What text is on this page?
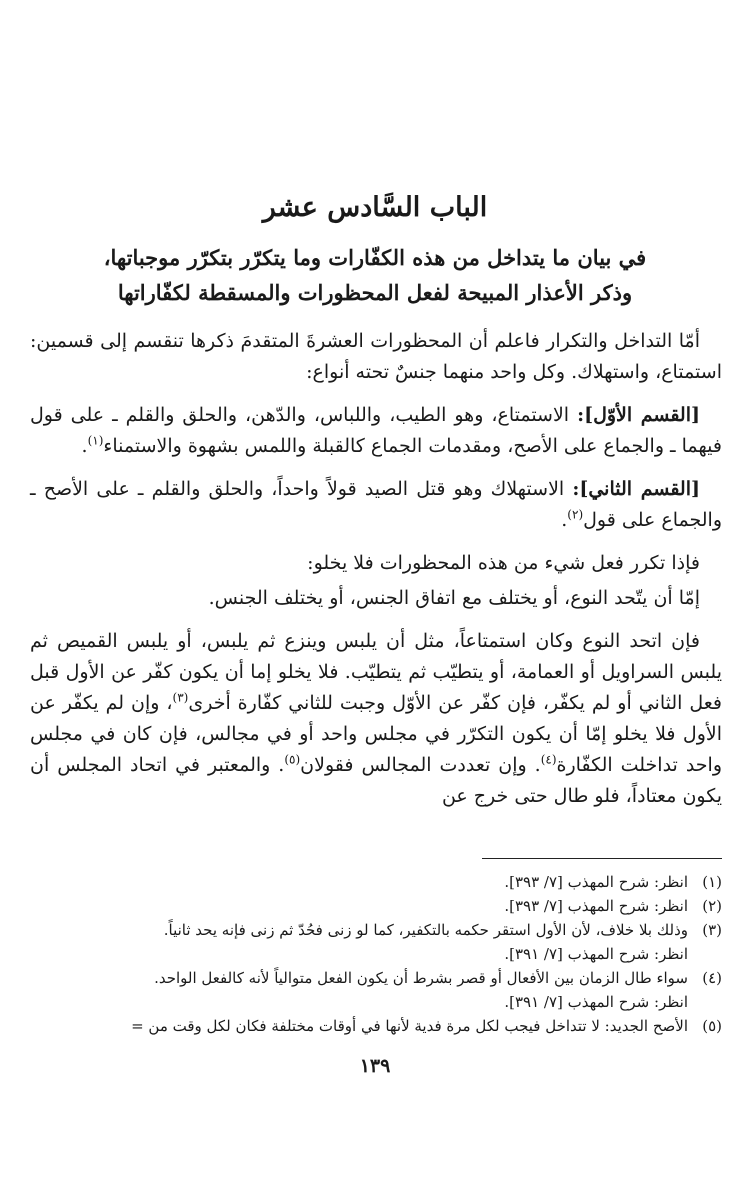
الباب السَّادس عشر
في بيان ما يتداخل من هذه الكفّارات وما يتكرّر بتكرّر موجباتها،
وذكر الأعذار المبيحة لفعل المحظورات والمسقطة لكفّاراتها

أمّا التداخل والتكرار فاعلم أن المحظورات العشرةَ المتقدمَ ذكرها تنقسم إلى قسمين: استمتاع، واستهلاك. وكل واحد منهما جنسٌ تحته أنواع:

[القسم الأوّل]: الاستمتاع، وهو الطيب، واللباس، والدّهن، والحلق والقلم ـ على قول فيهما ـ والجماع على الأصح، ومقدمات الجماع كالقبلة واللمس بشهوة والاستمناء$^{(١)}$.

[القسم الثاني]: الاستهلاك وهو قتل الصيد قولاً واحداً، والحلق والقلم ـ على الأصح ـ والجماع على قول$^{(٢)}$.

فإذا تكرر فعل شيء من هذه المحظورات فلا يخلو:

إمّا أن يتّحد النوع، أو يختلف مع اتفاق الجنس، أو يختلف الجنس.

فإن اتحد النوع وكان استمتاعاً، مثل أن يلبس وينزع ثم يلبس، أو يلبس القميص ثم يلبس السراويل أو العمامة، أو يتطيّب ثم يتطيّب. فلا يخلو إما أن يكون كفّر عن الأول قبل فعل الثاني أو لم يكفّر، فإن كفّر عن الأوّل وجبت للثاني كفّارة أخرى$^{(٣)}$، وإن لم يكفّر عن الأول فلا يخلو إمّا أن يكون التكرّر في مجلس واحد أو في مجالس، فإن كان في مجلس واحد تداخلت الكفّارة$^{(٤)}$. وإن تعددت المجالس فقولان$^{(٥)}$. والمعتبر في اتحاد المجلس أن يكون معتاداً، فلو طال حتى خرج عن

(١)
انظر: شرح المهذب [٧/ ٣٩٣].
(٢)
انظر: شرح المهذب [٧/ ٣٩٣].
(٣)
وذلك بلا خلاف، لأن الأول استقر حكمه بالتكفير، كما لو زنى فحُدّ ثم زنى فإنه يحد ثانياً.
انظر: شرح المهذب [٧/ ٣٩١].
(٤)
سواء طال الزمان بين الأفعال أو قصر بشرط أن يكون الفعل متوالياً لأنه كالفعل الواحد.
انظر: شرح المهذب [٧/ ٣٩١].
(٥)
الأصح الجديد: لا تتداخل فيجب لكل مرة فدية لأنها في أوقات مختلفة فكان لكل وقت من =
١٣٩
